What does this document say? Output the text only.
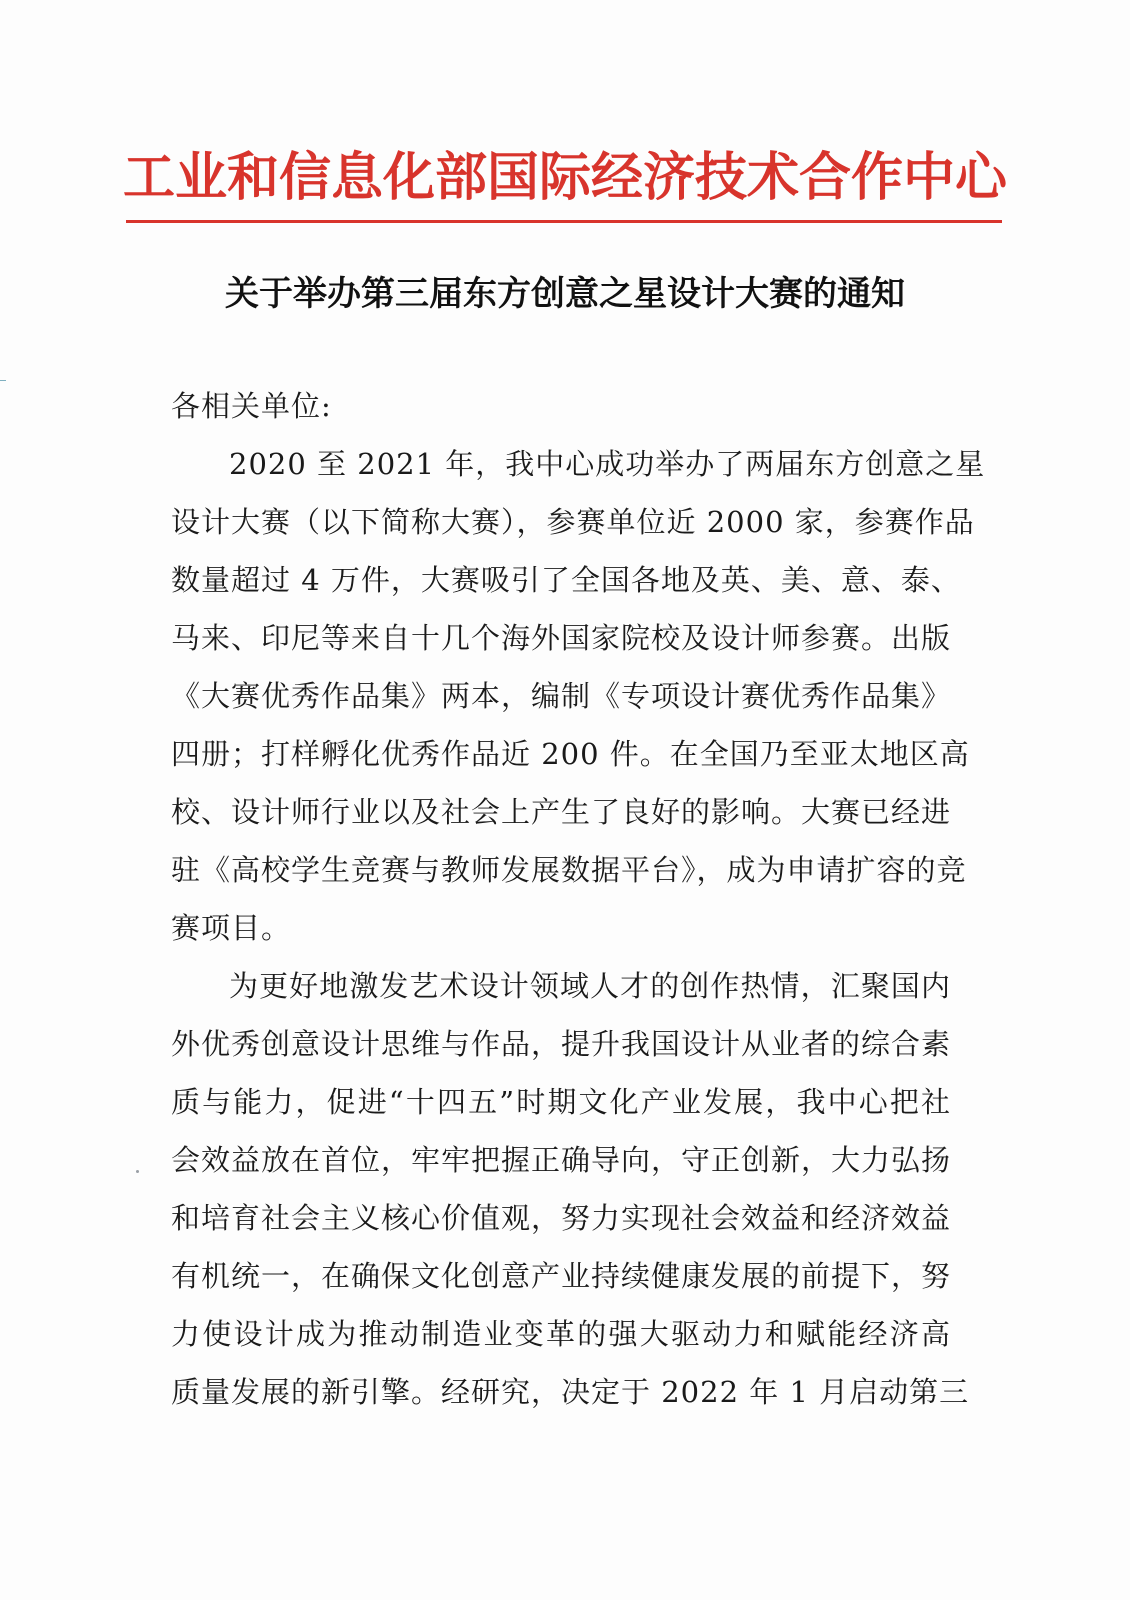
工业和信息化部国际经济技术合作中心
关于举办第三届东方创意之星设计大赛的通知
各相关单位:
2020 至 2021 年，我中心成功举办了两届东方创意之星
设计大赛（以下简称大赛），参赛单位近 2000 家，参赛作品
数量超过 4 万件，大赛吸引了全国各地及英、美、意、泰、
马来、印尼等来自十几个海外国家院校及设计师参赛。出版
《大赛优秀作品集》两本，编制《专项设计赛优秀作品集》
四册；打样孵化优秀作品近 200 件。在全国乃至亚太地区高
校、设计师行业以及社会上产生了良好的影响。大赛已经进
驻《高校学生竞赛与教师发展数据平台》，成为申请扩容的竞
赛项目。
为更好地激发艺术设计领域人才的创作热情，汇聚国内
外优秀创意设计思维与作品，提升我国设计从业者的综合素
质与能力，促进“十四五”时期文化产业发展，我中心把社
会效益放在首位，牢牢把握正确导向，守正创新，大力弘扬
和培育社会主义核心价值观，努力实现社会效益和经济效益
有机统一，在确保文化创意产业持续健康发展的前提下，努
力使设计成为推动制造业变革的强大驱动力和赋能经济高
质量发展的新引擎。经研究，决定于 2022 年 1 月启动第三
